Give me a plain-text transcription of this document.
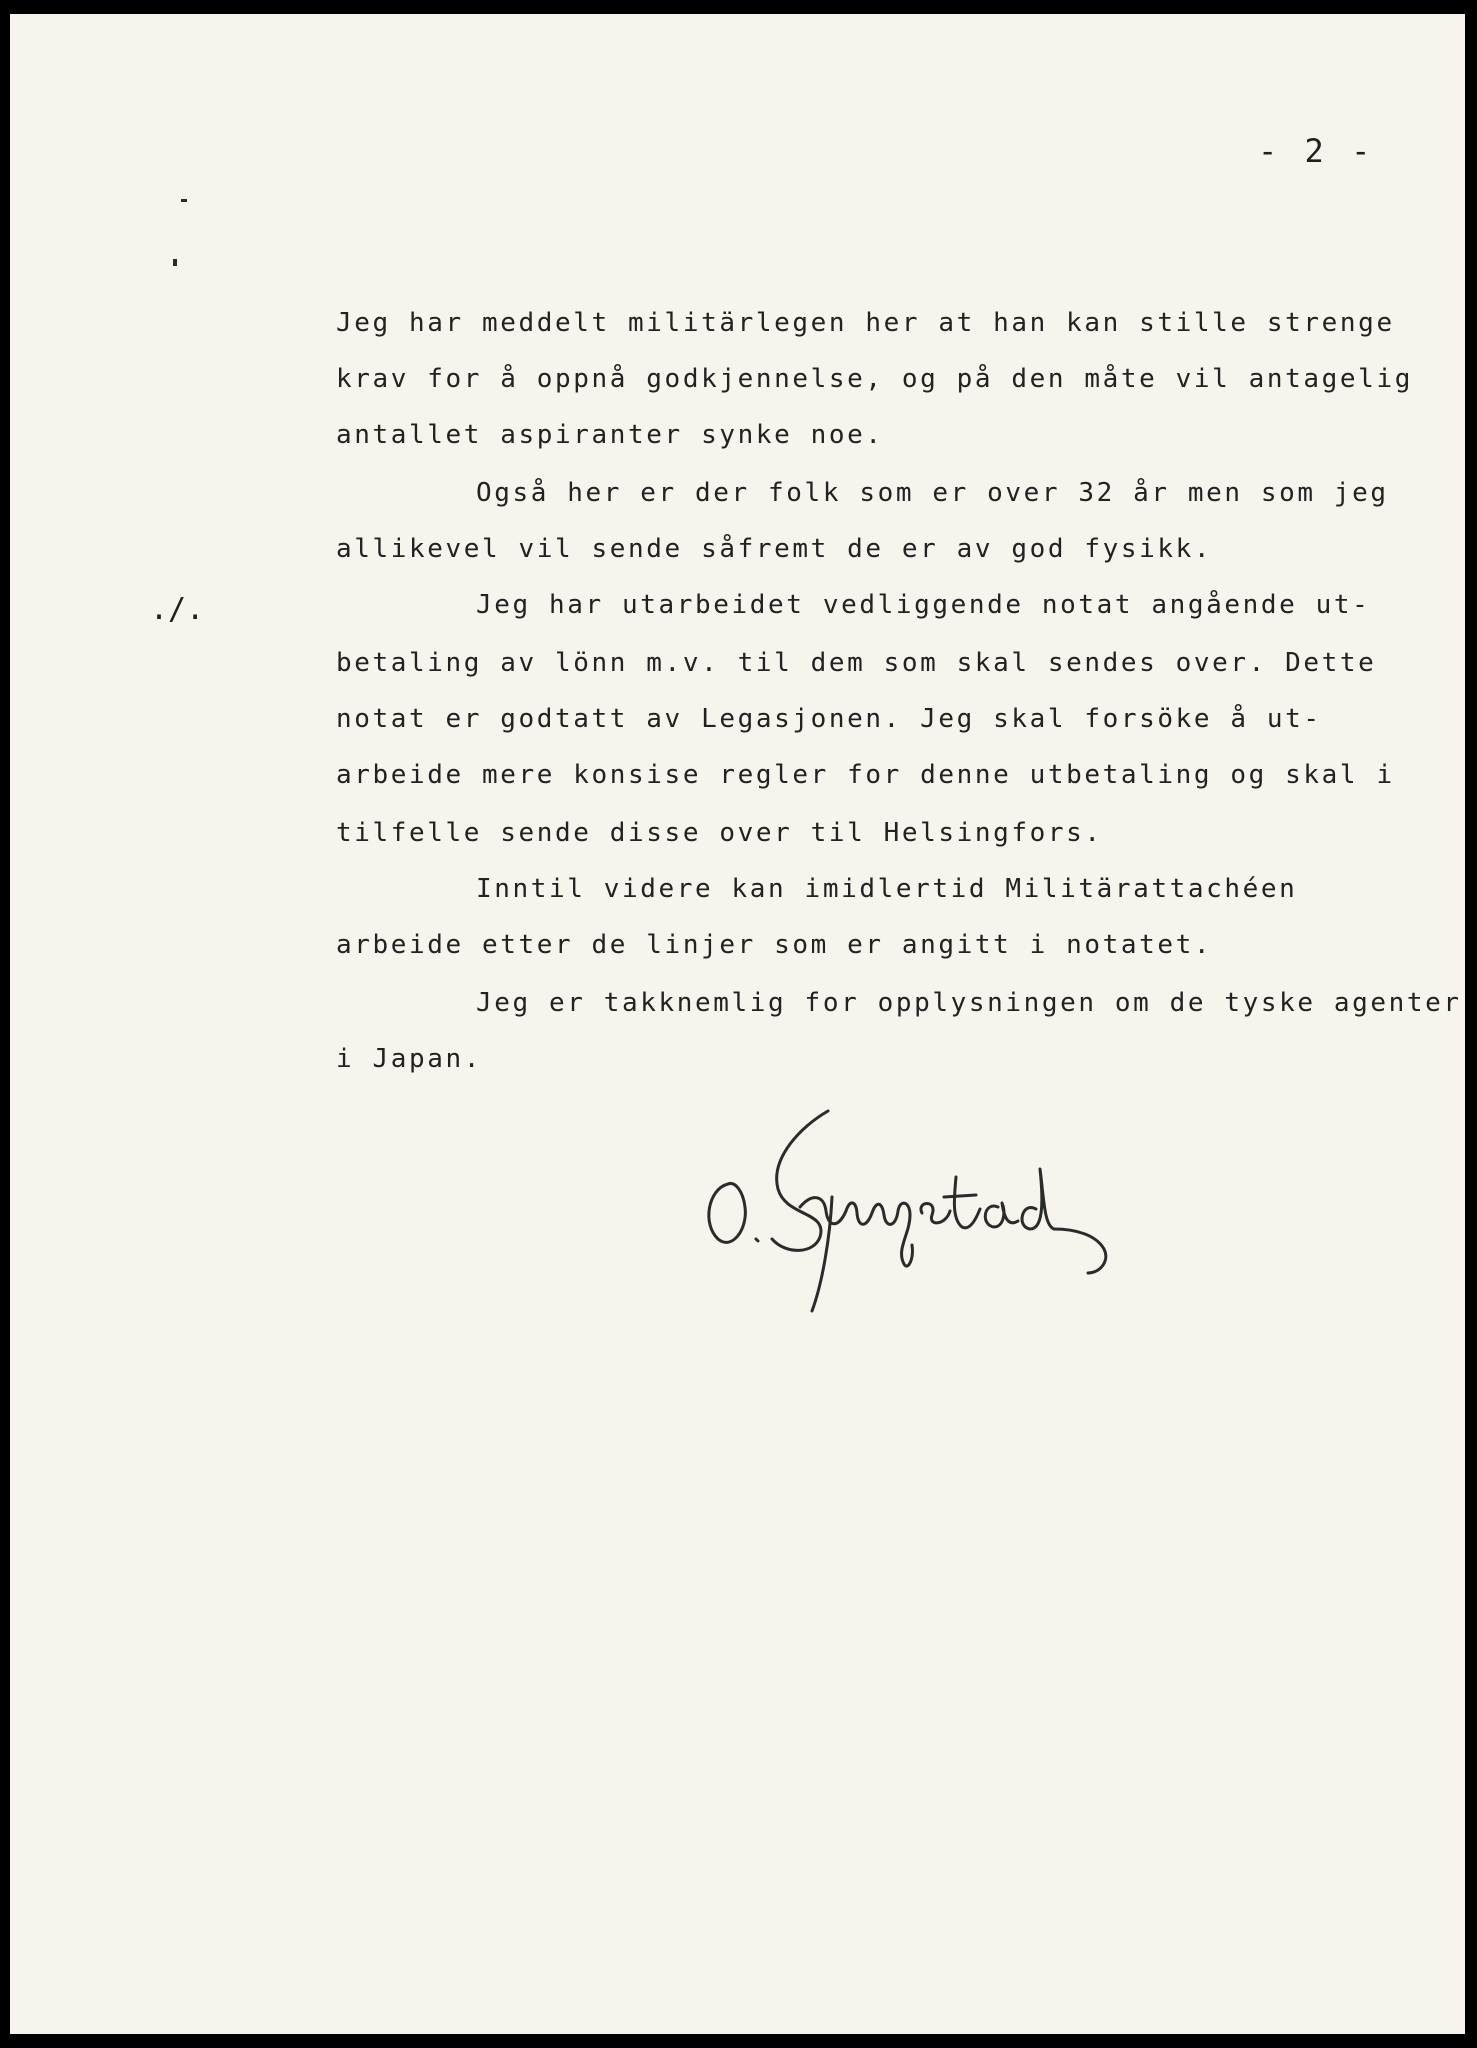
- 2 -
./.

Jeg har meddelt militärlegen her at han kan stille strenge

krav for å oppnå godkjennelse, og på den måte vil antagelig

antallet aspiranter synke noe.

Også her er der folk som er over 32 år men som jeg

allikevel vil sende såfremt de er av god fysikk.

Jeg har utarbeidet vedliggende notat angående ut-

betaling av lönn m.v. til dem som skal sendes over. Dette

notat er godtatt av Legasjonen. Jeg skal forsöke å ut-

arbeide mere konsise regler for denne utbetaling og skal i

tilfelle sende disse over til Helsingfors.

Inntil videre kan imidlertid Militärattachéen

arbeide etter de linjer som er angitt i notatet.

Jeg er takknemlig for opplysningen om de tyske agenter

i Japan.
